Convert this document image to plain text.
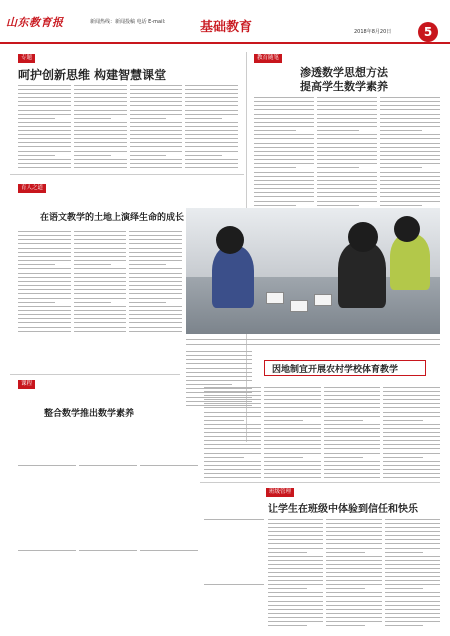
山东教育报	新闻热线：新闻投稿 电话 E-mail:	基础教育	2018年8月20日	5
专题
呵护创新思维 构建智慧课堂
教育随笔
渗透数学思想方法
提高学生数学素养
育人之道
在语文教学的土地上演绎生命的成长
课程
整合数学推出数学素养
因地制宜开展农村学校体育教学
班级管理
让学生在班级中体验到信任和快乐
